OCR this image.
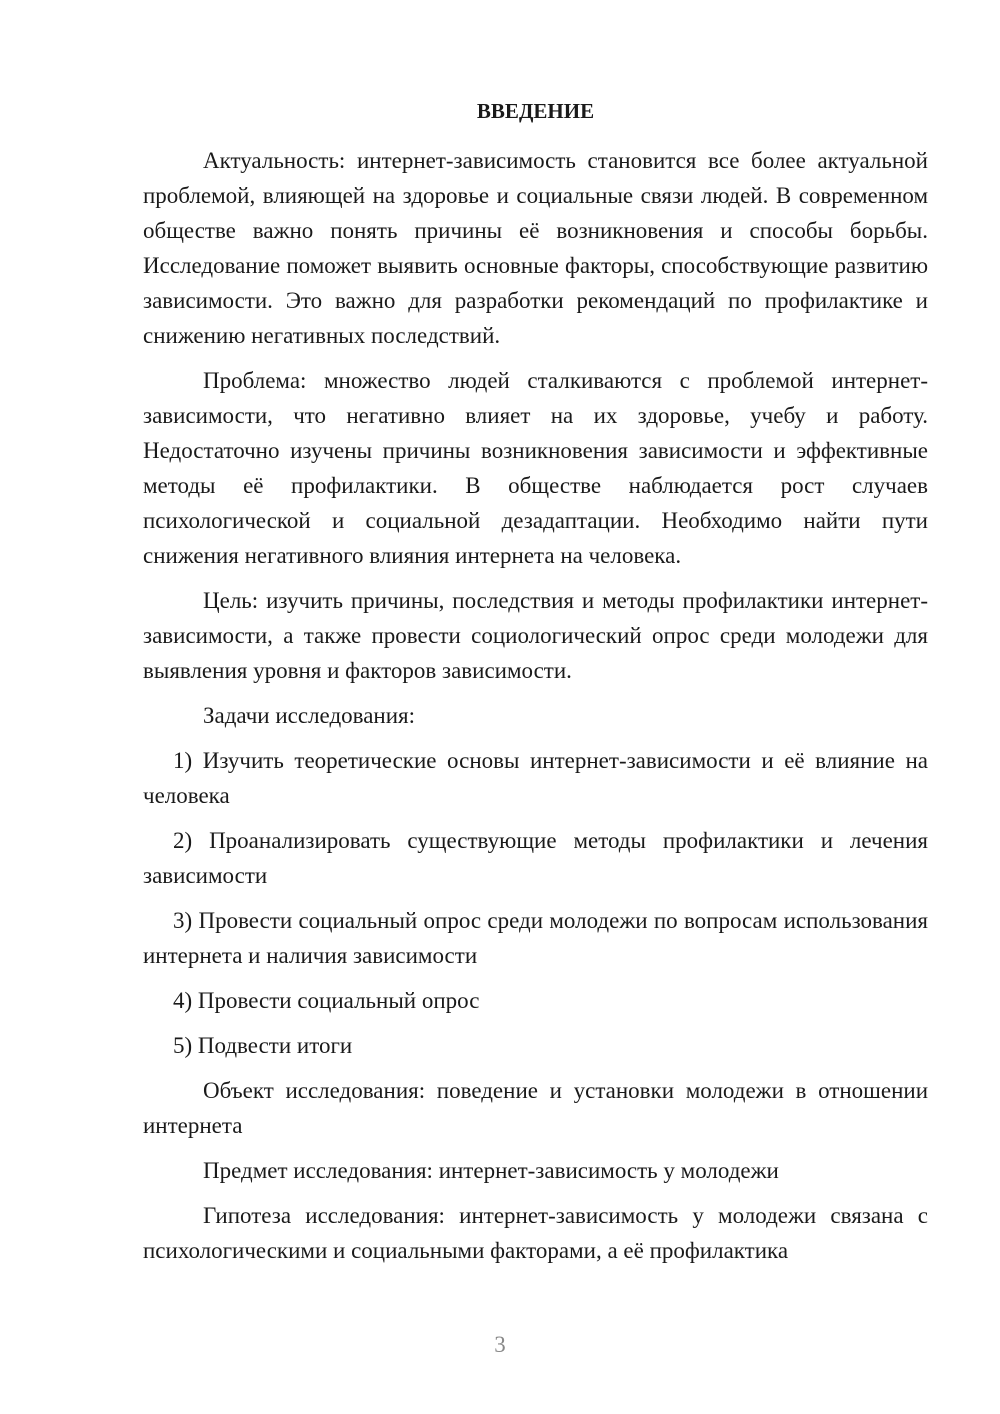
ВВЕДЕНИЕ

Актуальность: интернет-зависимость становится все более актуальной проблемой, влияющей на здоровье и социальные связи людей. В современном обществе важно понять причины её возникновения и способы борьбы. Исследование поможет выявить основные факторы, способствующие развитию зависимости. Это важно для разработки рекомендаций по профилактике и снижению негативных последствий.

Проблема: множество людей сталкиваются с проблемой интернет-зависимости, что негативно влияет на их здоровье, учебу и работу. Недостаточно изучены причины возникновения зависимости и эффективные методы её профилактики. В обществе наблюдается рост случаев психологической и социальной дезадаптации. Необходимо найти пути снижения негативного влияния интернета на человека.

Цель: изучить причины, последствия и методы профилактики интернет-зависимости, а также провести социологический опрос среди молодежи для выявления уровня и факторов зависимости.

Задачи исследования:

1) Изучить теоретические основы интернет-зависимости и её влияние на человека

2) Проанализировать существующие методы профилактики и лечения зависимости

3) Провести социальный опрос среди молодежи по вопросам использования интернета и наличия зависимости

4) Провести социальный опрос

5) Подвести итоги

Объект исследования: поведение и установки молодежи в отношении интернета

Предмет исследования: интернет-зависимость у молодежи

Гипотеза исследования: интернет-зависимость у молодежи связана с психологическими и социальными факторами, а её профилактика

3
